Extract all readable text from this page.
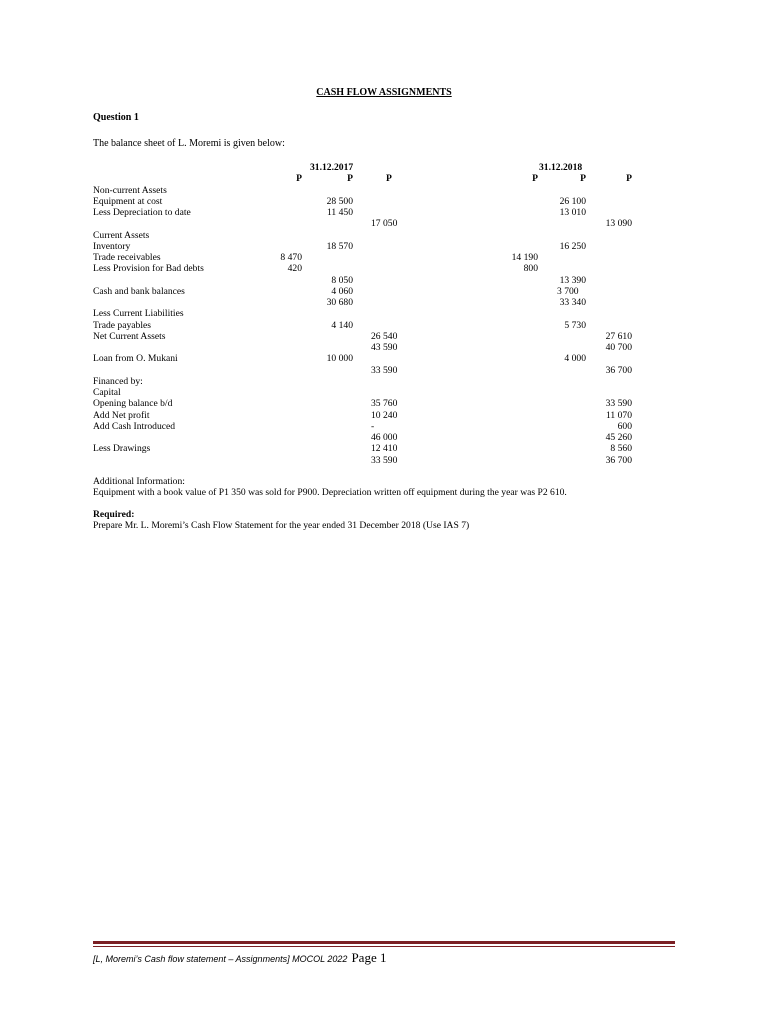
CASH FLOW ASSIGNMENTS
Question 1
The balance sheet of L. Moremi is given below:
31.12.2017	31.12.2018
P	P	P	P	P	P
Non-current Assets
Equipment at cost	28 500	26 100
Less Depreciation to date	11 450	13 010
17 050	13 090
Current Assets
Inventory	18 570	16 250
Trade receivables	8 470	14 190
Less Provision for Bad debts	420	800
8 050	13 390
Cash and bank balances	4 060	3 700
30 680	33 340
Less Current Liabilities
Trade payables	4 140	5 730
Net Current Assets	26 540	27 610
43 590	40 700
Loan from O. Mukani	10 000	4 000
33 590	36 700
Financed by:
Capital
Opening balance b/d	35 760	33 590
Add Net profit	10 240	11 070
Add Cash Introduced	-	600
46 000	45 260
Less Drawings	12 410	8 560
33 590	36 700
Additional Information:
Equipment with a book value of P1 350 was sold for P900. Depreciation written off equipment during the year was P2 610.
Required:
Prepare Mr. L. Moremi’s Cash Flow Statement for the year ended 31 December 2018 (Use IAS 7)
[L, Moremi’s Cash flow statement – Assignments] MOCOL 2022 Page 1
